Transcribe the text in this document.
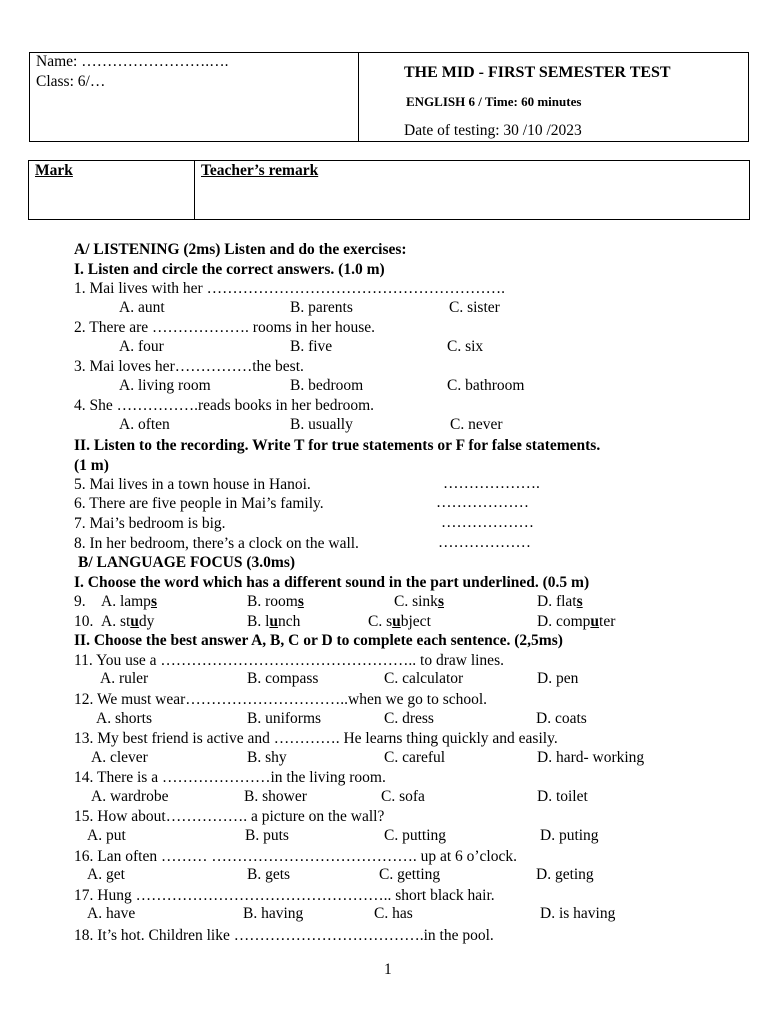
Name: …………………….….
Class: 6/…
THE MID - FIRST SEMESTER TEST
ENGLISH 6 / Time: 60 minutes
Date of testing: 30 /10 /2023
Mark	Teacher’s remark
A/ LISTENING (2ms) Listen and do the exercises:
I. Listen and circle the correct answers. (1.0 m)
1. Mai lives with her ………………………………………………….
A. aunt	B. parents	C. sister
2. There are ………………. rooms in her house.
A. four	B. five	C. six
3. Mai loves her……………the best.
A. living room	B. bedroom	C. bathroom
4. She …………….reads books in her bedroom.
A. often	B. usually	C. never
II. Listen to the recording. Write T for true statements or F for false statements.
(1 m)
5. Mai lives in a town house in Hanoi.	……………….
6. There are five people in Mai’s family.	………………
7. Mai’s bedroom is big.	………………
8. In her bedroom, there’s a clock on the wall.	………………
B/ LANGUAGE FOCUS (3.0ms)
I. Choose the word which has a different sound in the part underlined. (0.5 m)
9. A. lamps	B. rooms	C. sinks	D. flats
10. A. study	B. lunch	C. subject	D. computer
II. Choose the best answer A, B, C or D to complete each sentence. (2,5ms)
11. You use a ………………………………………….. to draw lines.
A. ruler	B. compass	C. calculator	D. pen
12. We must wear…………………………..when we go to school.
A. shorts	B. uniforms	C. dress	D. coats
13. My best friend is active and …………. He learns thing quickly and easily.
A. clever	B. shy	C. careful	D. hard- working
14. There is a …………………in the living room.
A. wardrobe	B. shower	C. sofa	D. toilet
15. How about……………. a picture on the wall?
A. put	B. puts	C. putting	D. puting
16. Lan often ……… …………………………………. up at 6 o’clock.
A. get	B. gets	C. getting	D. geting
17. Hung ………………………………………….. short black hair.
A. have	B. having	C. has	D. is having
18. It’s hot. Children like ……………………………….in the pool.
1
